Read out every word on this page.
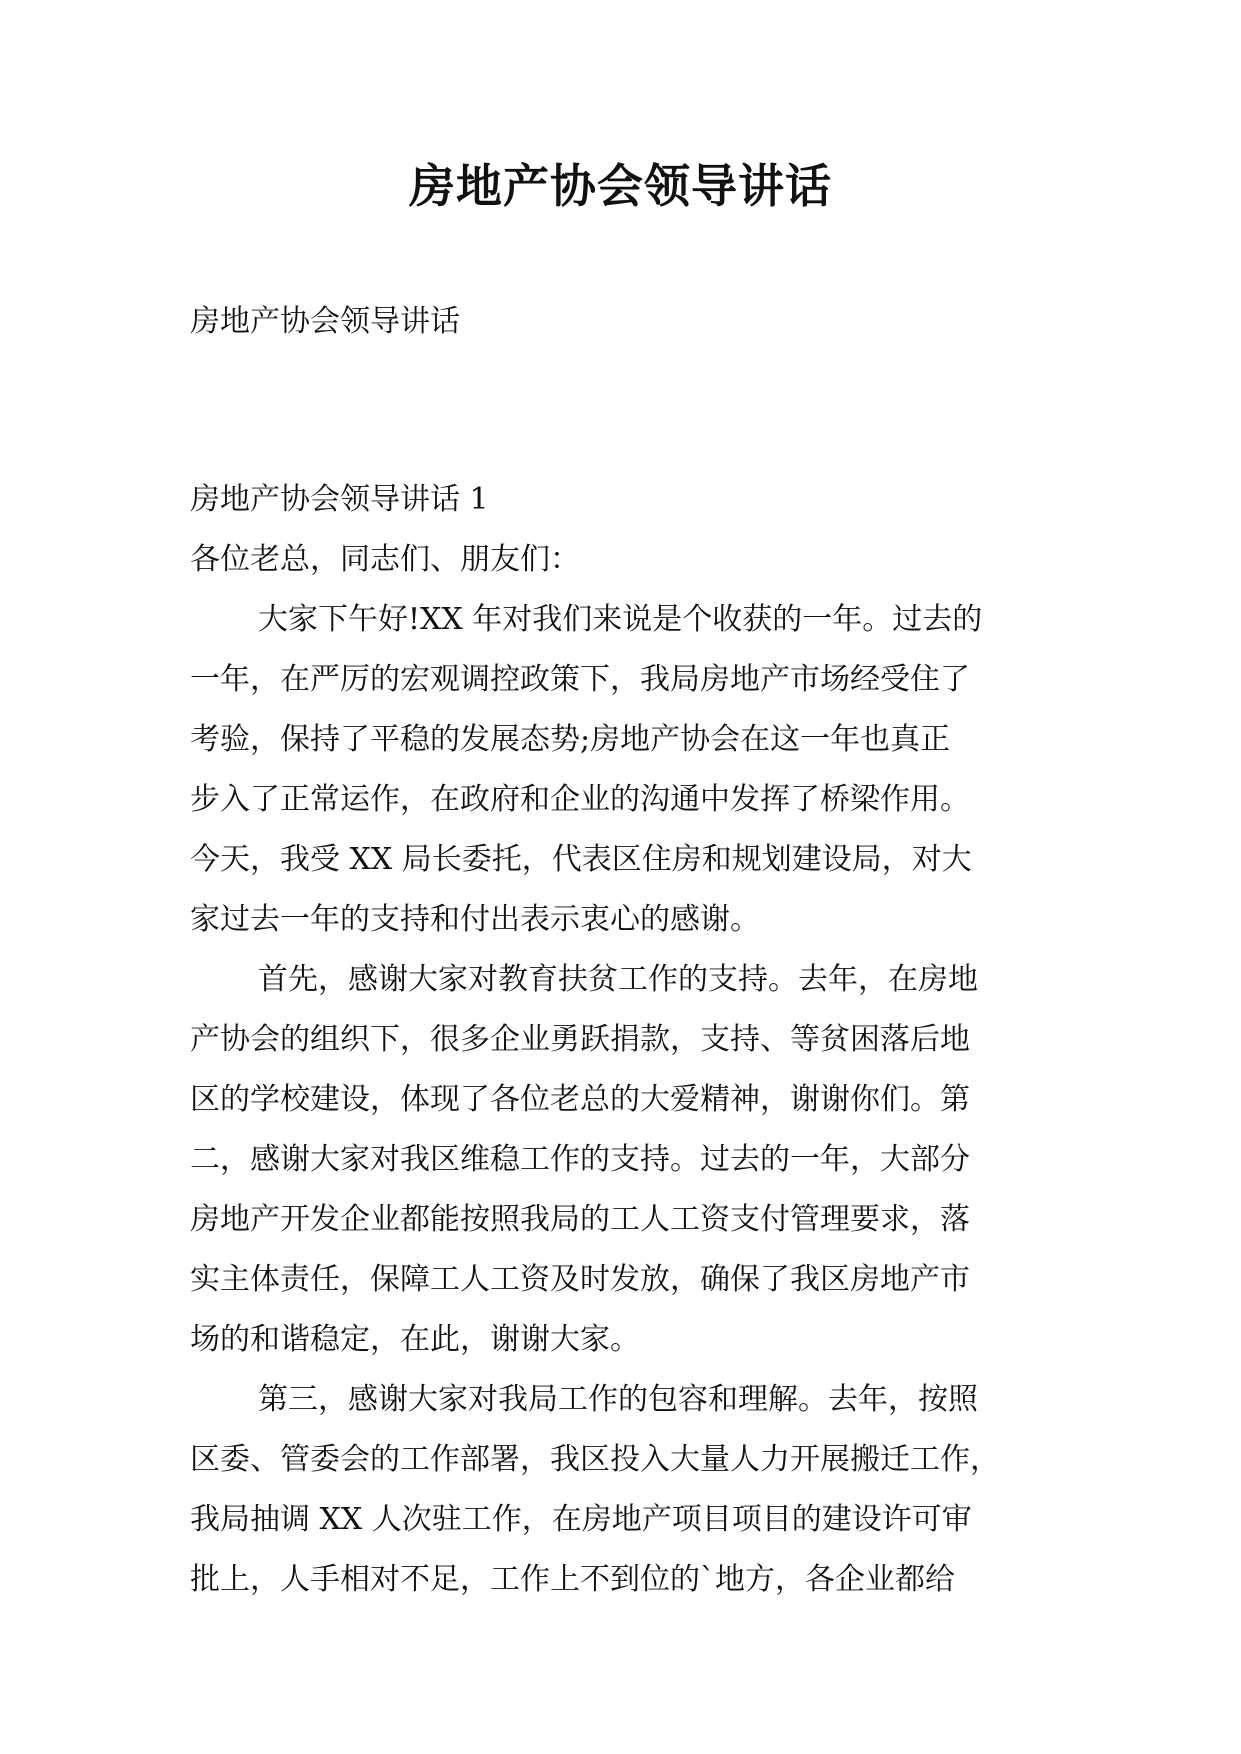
房地产协会领导讲话

房地产协会领导讲话

房地产协会领导讲话 1

各位老总，同志们、朋友们：

大家下午好!XX 年对我们来说是个收获的一年。过去的

一年，在严厉的宏观调控政策下，我局房地产市场经受住了

考验，保持了平稳的发展态势;房地产协会在这一年也真正

步入了正常运作，在政府和企业的沟通中发挥了桥梁作用。

今天，我受 XX 局长委托，代表区住房和规划建设局，对大

家过去一年的支持和付出表示衷心的感谢。

首先，感谢大家对教育扶贫工作的支持。去年，在房地

产协会的组织下，很多企业勇跃捐款，支持、等贫困落后地

区的学校建设，体现了各位老总的大爱精神，谢谢你们。第

二，感谢大家对我区维稳工作的支持。过去的一年，大部分

房地产开发企业都能按照我局的工人工资支付管理要求，落

实主体责任，保障工人工资及时发放，确保了我区房地产市

场的和谐稳定，在此，谢谢大家。

第三，感谢大家对我局工作的包容和理解。去年，按照

区委、管委会的工作部署，我区投入大量人力开展搬迁工作，

我局抽调 XX 人次驻工作，在房地产项目项目的建设许可审

批上，人手相对不足，工作上不到位的`地方，各企业都给
